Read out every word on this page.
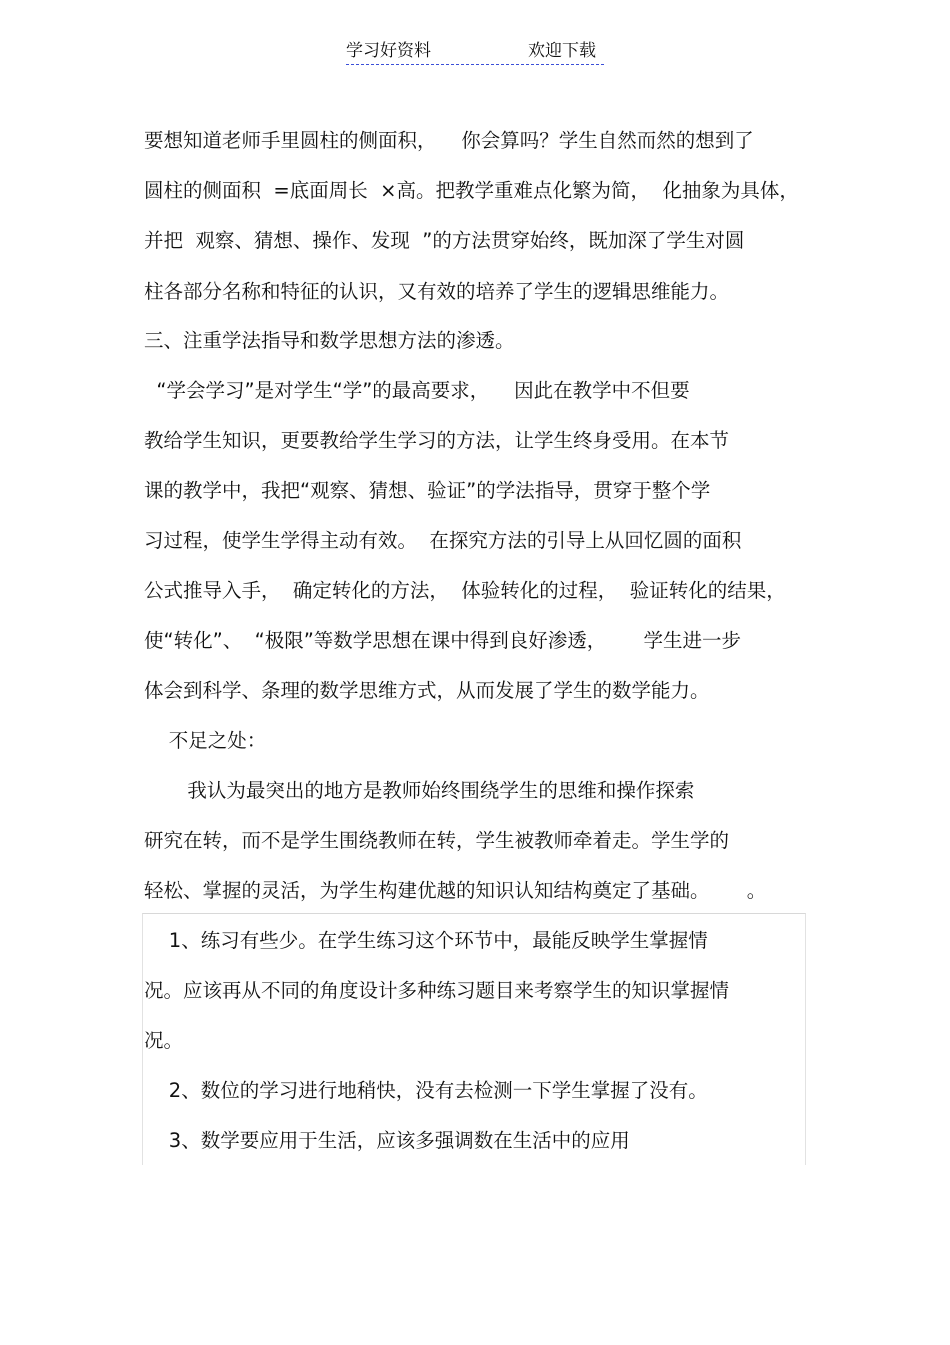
学习好资料	欢迎下载
要想知道老师手里圆柱的侧面积，    你会算吗？学生自然而然的想到了
圆柱的侧面积  =底面周长  ×高。把教学重难点化繁为简，  化抽象为具体，
并把  观察、猜想、操作、发现  ”的方法贯穿始终，既加深了学生对圆
柱各部分名称和特征的认识，又有效的培养了学生的逻辑思维能力。
三、注重学法指导和数学思想方法的渗透。
“学会学习”是对学生“学”的最高要求，    因此在教学中不但要
教给学生知识，更要教给学生学习的方法，让学生终身受用。在本节
课的教学中，我把“观察、猜想、验证”的学法指导，贯穿于整个学
习过程，使学生学得主动有效。  在探究方法的引导上从回忆圆的面积
公式推导入手，  确定转化的方法，  体验转化的过程，  验证转化的结果，
使“转化”、  “极限”等数学思想在课中得到良好渗透，      学生进一步
体会到科学、条理的数学思维方式，从而发展了学生的数学能力。
不足之处：
我认为最突出的地方是教师始终围绕学生的思维和操作探索
研究在转，而不是学生围绕教师在转，学生被教师牵着走。学生学的
轻松、掌握的灵活，为学生构建优越的知识认知结构奠定了基础。      。
1、练习有些少。在学生练习这个环节中，最能反映学生掌握情
况。应该再从不同的角度设计多种练习题目来考察学生的知识掌握情
况。
2、数位的学习进行地稍快，没有去检测一下学生掌握了没有。
3、数学要应用于生活，应该多强调数在生活中的应用
